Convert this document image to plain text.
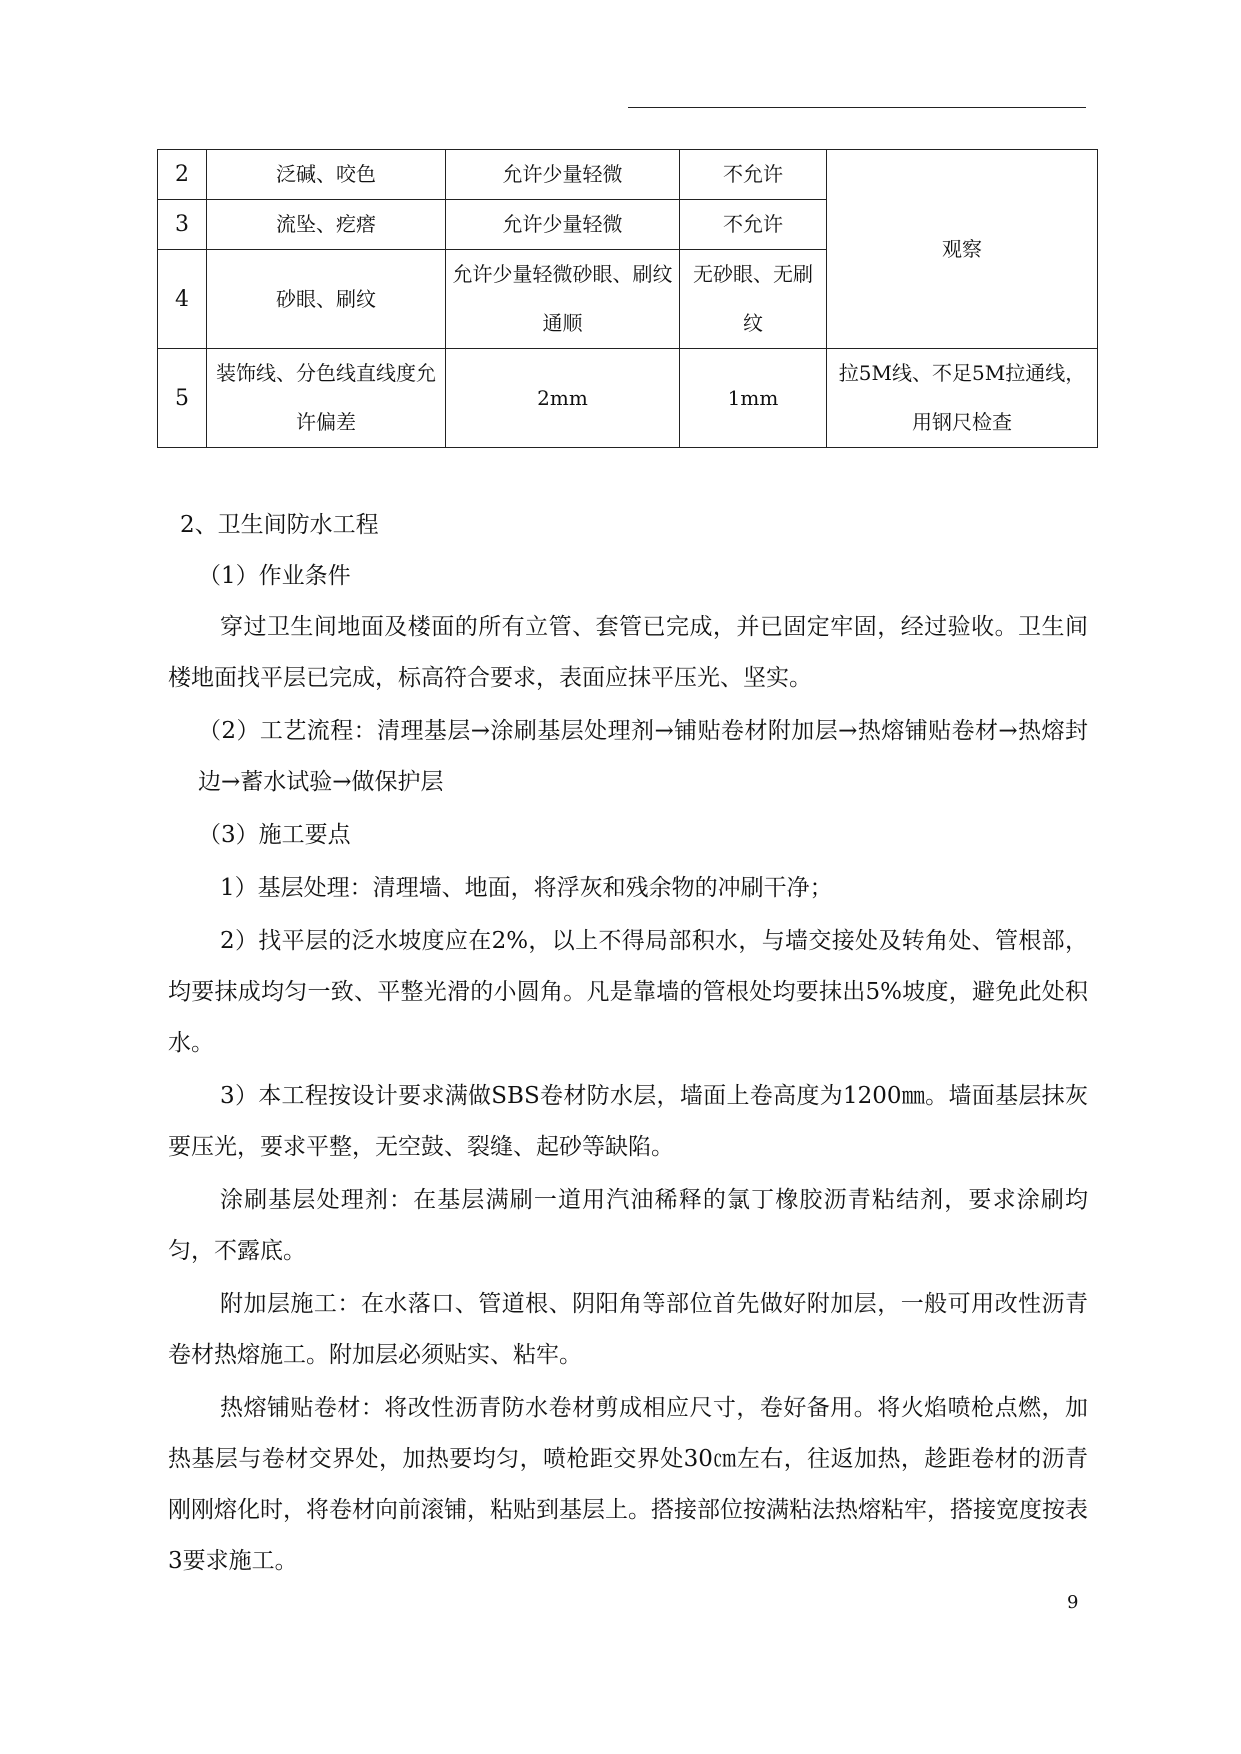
2	泛碱、咬色	允许少量轻微	不允许	观察
3	流坠、疙瘩	允许少量轻微	不允许	
4	砂眼、刷纹	允许少量轻微砂眼、刷纹通顺	无砂眼、无刷纹	
5	装饰线、分色线直线度允许偏差	2mm	1mm	拉5M线、不足5M拉通线，用钢尺检查

2、卫生间防水工程

（1）作业条件

穿过卫生间地面及楼面的所有立管、套管已完成，并已固定牢固，经过验收。卫生间楼地面找平层已完成，标高符合要求，表面应抹平压光、坚实。

（2）工艺流程：清理基层→涂刷基层处理剂→铺贴卷材附加层→热熔铺贴卷材→热熔封边→蓄水试验→做保护层

（3）施工要点

1）基层处理：清理墙、地面，将浮灰和残余物的冲刷干净；

2）找平层的泛水坡度应在2%，以上不得局部积水，与墙交接处及转角处、管根部，均要抹成均匀一致、平整光滑的小圆角。凡是靠墙的管根处均要抹出5%坡度，避免此处积水。

3）本工程按设计要求满做SBS卷材防水层，墙面上卷高度为1200㎜。墙面基层抹灰要压光，要求平整，无空鼓、裂缝、起砂等缺陷。

涂刷基层处理剂：在基层满刷一道用汽油稀释的氯丁橡胶沥青粘结剂，要求涂刷均匀，不露底。

附加层施工：在水落口、管道根、阴阳角等部位首先做好附加层，一般可用改性沥青卷材热熔施工。附加层必须贴实、粘牢。

热熔铺贴卷材：将改性沥青防水卷材剪成相应尺寸，卷好备用。将火焰喷枪点燃，加热基层与卷材交界处，加热要均匀，喷枪距交界处30㎝左右，往返加热，趁距卷材的沥青刚刚熔化时，将卷材向前滚铺，粘贴到基层上。搭接部位按满粘法热熔粘牢，搭接宽度按表3要求施工。

9
